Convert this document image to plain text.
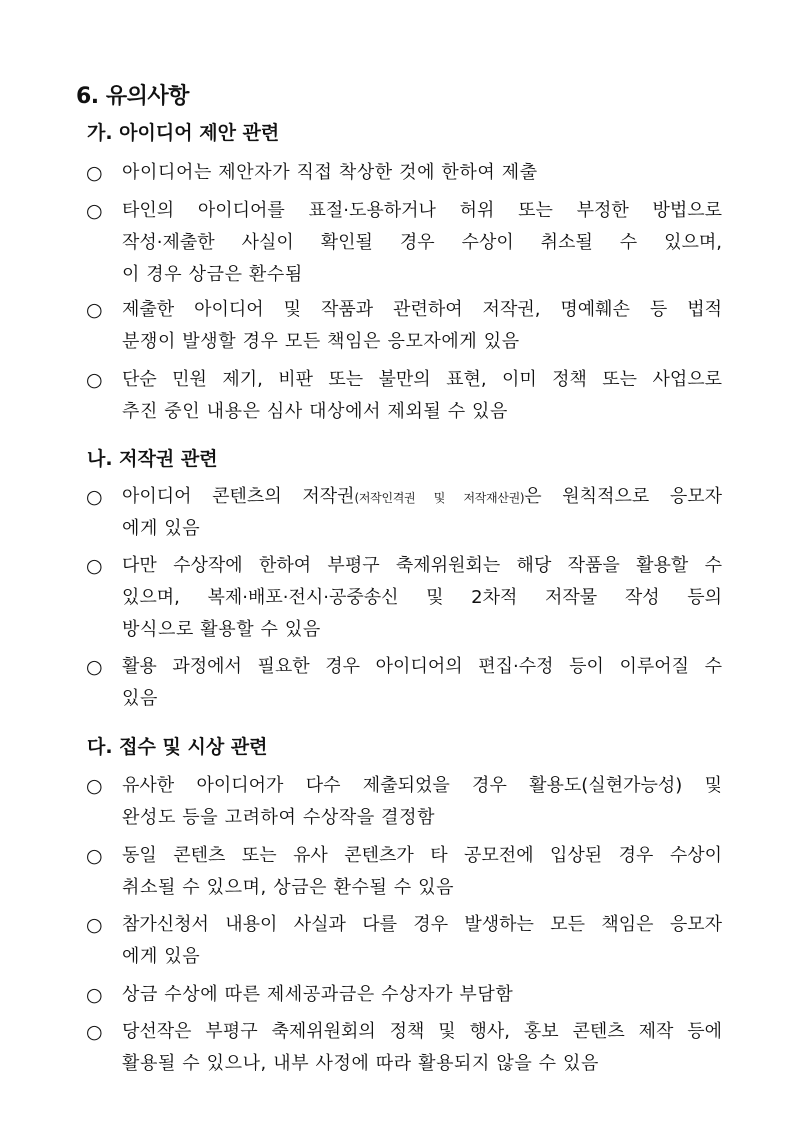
6. 유의사항
가. 아이디어 제안 관련
○	아이디어는 제안자가 직접 착상한 것에 한하여 제출
○	타인의 아이디어를 표절·도용하거나 허위 또는 부정한 방법으로
작성·제출한 사실이 확인될 경우 수상이 취소될 수 있으며,
이 경우 상금은 환수됨
○	제출한 아이디어 및 작품과 관련하여 저작권, 명예훼손 등 법적
분쟁이 발생할 경우 모든 책임은 응모자에게 있음
○	단순 민원 제기, 비판 또는 불만의 표현, 이미 정책 또는 사업으로
추진 중인 내용은 심사 대상에서 제외될 수 있음
나. 저작권 관련
○	아이디어 콘텐츠의 저작권(저작인격권 및 저작재산권)은 원칙적으로 응모자
에게 있음
○	다만 수상작에 한하여 부평구 축제위원회는 해당 작품을 활용할 수
있으며, 복제·배포·전시·공중송신 및 2차적 저작물 작성 등의
방식으로 활용할 수 있음
○	활용 과정에서 필요한 경우 아이디어의 편집·수정 등이 이루어질 수
있음
다. 접수 및 시상 관련
○	유사한 아이디어가 다수 제출되었을 경우 활용도(실현가능성) 및
완성도 등을 고려하여 수상작을 결정함
○	동일 콘텐츠 또는 유사 콘텐츠가 타 공모전에 입상된 경우 수상이
취소될 수 있으며, 상금은 환수될 수 있음
○	참가신청서 내용이 사실과 다를 경우 발생하는 모든 책임은 응모자
에게 있음
○	상금 수상에 따른 제세공과금은 수상자가 부담함
○	당선작은 부평구 축제위원회의 정책 및 행사, 홍보 콘텐츠 제작 등에
활용될 수 있으나, 내부 사정에 따라 활용되지 않을 수 있음
